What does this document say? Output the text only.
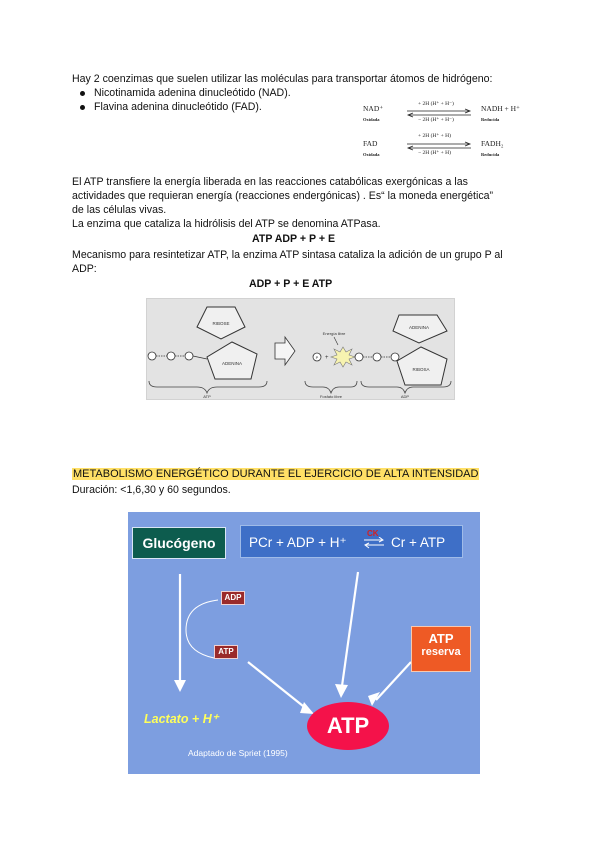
Hay 2 coenzimas que suelen utilizar las moléculas para transportar átomos de hidrógeno:
Nicotinamida adenina dinucleótido (NAD).
Flavina adenina dinucleótido (FAD).	NAD⁺
Oxidada
+ 2H (H⁺ + H⁻)
− 2H (H⁺ + H⁻)
NADH + H⁺
Reducida
FAD
Oxidada
+ 2H (H⁺ + H)
− 2H (H⁺ + H)
FADH₂
Reducida
El ATP transfiere la energía liberada en las reacciones catabólicas exergónicas a las
actividades que requieran energía (reacciones endergónicas) . Es“ la moneda energética”
de las células vivas.
La enzima que cataliza la hidrólisis del ATP se denomina ATPasa.
ATP ADP + P + E
Mecanismo para resintetizar ATP, la enzima ATP sintasa cataliza la adición de un grupo P al
ADP:
ADP + P + E ATP
RIBOSE
ADENINA
ATP
P +
Energía libre
ADENINA
RIBOSA
Fosfato libre	ADP
METABOLISMO ENERGÉTICO DURANTE EL EJERCICIO DE ALTA INTENSIDAD
Duración: <1,6,30 y 60 segundos.
Glucógeno	PCr + ADP + H⁺
CK
⇌ Cr + ATP
ADP
ATP
ATP
reserva
Lactato + H⁺	ATP
Adaptado de Spriet (1995)
